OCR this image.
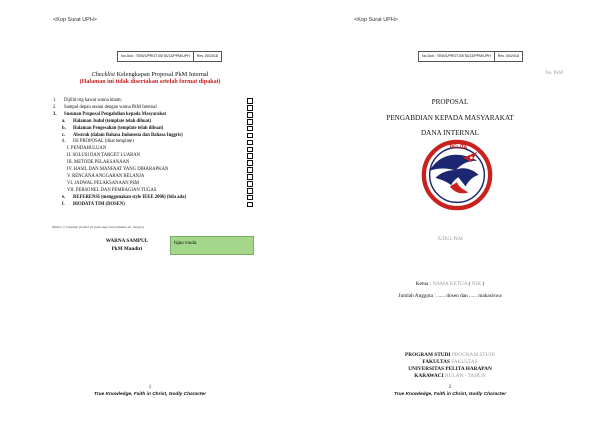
<Kop Surat UPH>
No.Dok : TEM/1/PROT.05/TA/13/PPM/UPH	Rev. 00/2018
Checklist Kelengkapan Proposal PkM Internal
(Halaman ini tidak disertakan setelah format dipakai)
1. Dijilid rng kawat warna hitam;
2. Sampul depan sesuai dengan warna PkM Internal
3. Susunan Proposal Pengabdian kepada Masyarakat
a. Halaman Judul (template telah dibuat)
b. Halaman Pengesahan (template telah dibuat)
c. Abstrak (dalam Bahasa Indonesia dan Bahasa Inggris)
d. ISI PROPOSAL (lihat template)
I. PENDAHULUAN
II. SOLUSI DAN TARGET LUARAN
III. METODE PELAKSANAAN
IV. HASIL DAN MANFAAT YANG DIHARAPKAN
V. RENCANA ANGGARAN BELANJA
VI. JADWAL PELAKSANAAN PkM
VII. PERSONEL DAN PEMBAGIAN TUGAS
e. REFERENSI (menggunakan style IEEE 2006) (bila ada)
f. BIODATA TIM (DOSEN)
Mohon ┬ template (model ini pasti lagi menyediakan ah, margin)
WARNA SAMPUL
PkM Mandiri
hijau muda
1
True Knowledge, Faith in Christ, Godly Character
<Kop Surat UPH>
No.Dok : TEM/1/PROT.05/TA/13/PPM/UPH	Rev. 00/2018
No. PkM
PROPOSAL
PENGABDIAN KEPADA MASYARAKAT
DANA INTERNAL
PELITA
JUDUL PkM
Ketua : NAMA KETUA ( NIK )
Jumlah Anggota : ...... dosen dan ...... mahasiswa
PROGRAM STUDI PROGRAM STUDI
FAKULTAS FAKULTAS
UNIVERSITAS PELITA HARAPAN
KARAWACI BULAN - TAHUN
2
True Knowledge, Faith in Christ, Godly Character
